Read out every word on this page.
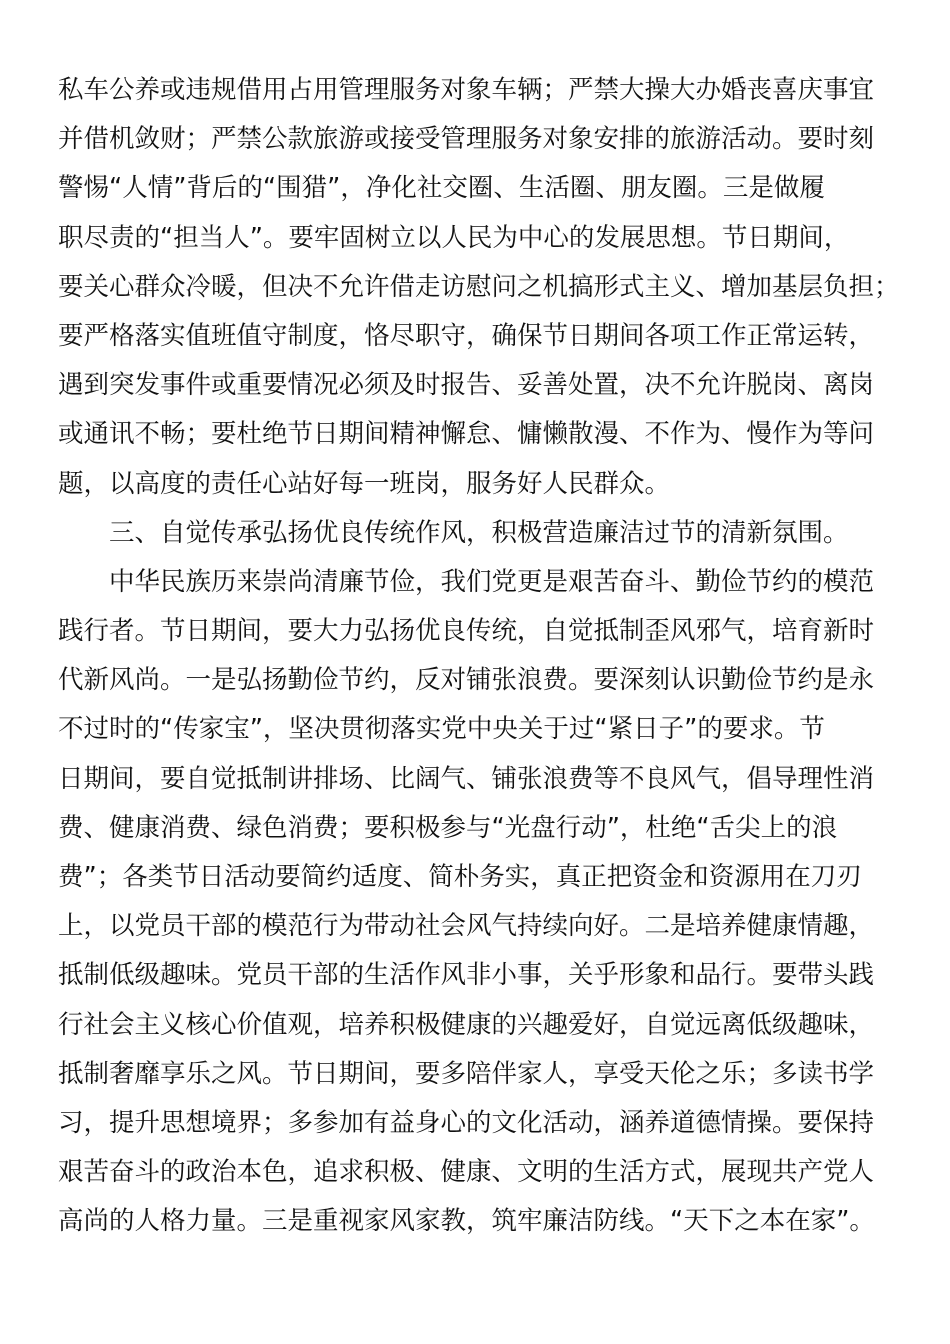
私车公养或违规借用占用管理服务对象车辆；严禁大操大办婚丧喜庆事宜
并借机敛财；严禁公款旅游或接受管理服务对象安排的旅游活动。要时刻
警惕“人情”背后的“围猎”，净化社交圈、生活圈、朋友圈。三是做履
职尽责的“担当人”。要牢固树立以人民为中心的发展思想。节日期间，
要关心群众冷暖，但决不允许借走访慰问之机搞形式主义、增加基层负担；
要严格落实值班值守制度，恪尽职守，确保节日期间各项工作正常运转，
遇到突发事件或重要情况必须及时报告、妥善处置，决不允许脱岗、离岗
或通讯不畅；要杜绝节日期间精神懈怠、慵懒散漫、不作为、慢作为等问
题，以高度的责任心站好每一班岗，服务好人民群众。
三、自觉传承弘扬优良传统作风，积极营造廉洁过节的清新氛围。
中华民族历来崇尚清廉节俭，我们党更是艰苦奋斗、勤俭节约的模范
践行者。节日期间，要大力弘扬优良传统，自觉抵制歪风邪气，培育新时
代新风尚。一是弘扬勤俭节约，反对铺张浪费。要深刻认识勤俭节约是永
不过时的“传家宝”，坚决贯彻落实党中央关于过“紧日子”的要求。节
日期间，要自觉抵制讲排场、比阔气、铺张浪费等不良风气，倡导理性消
费、健康消费、绿色消费；要积极参与“光盘行动”，杜绝“舌尖上的浪
费”；各类节日活动要简约适度、简朴务实，真正把资金和资源用在刀刃
上，以党员干部的模范行为带动社会风气持续向好。二是培养健康情趣，
抵制低级趣味。党员干部的生活作风非小事，关乎形象和品行。要带头践
行社会主义核心价值观，培养积极健康的兴趣爱好，自觉远离低级趣味，
抵制奢靡享乐之风。节日期间，要多陪伴家人，享受天伦之乐；多读书学
习，提升思想境界；多参加有益身心的文化活动，涵养道德情操。要保持
艰苦奋斗的政治本色，追求积极、健康、文明的生活方式，展现共产党人
高尚的人格力量。三是重视家风家教，筑牢廉洁防线。“天下之本在家”。
